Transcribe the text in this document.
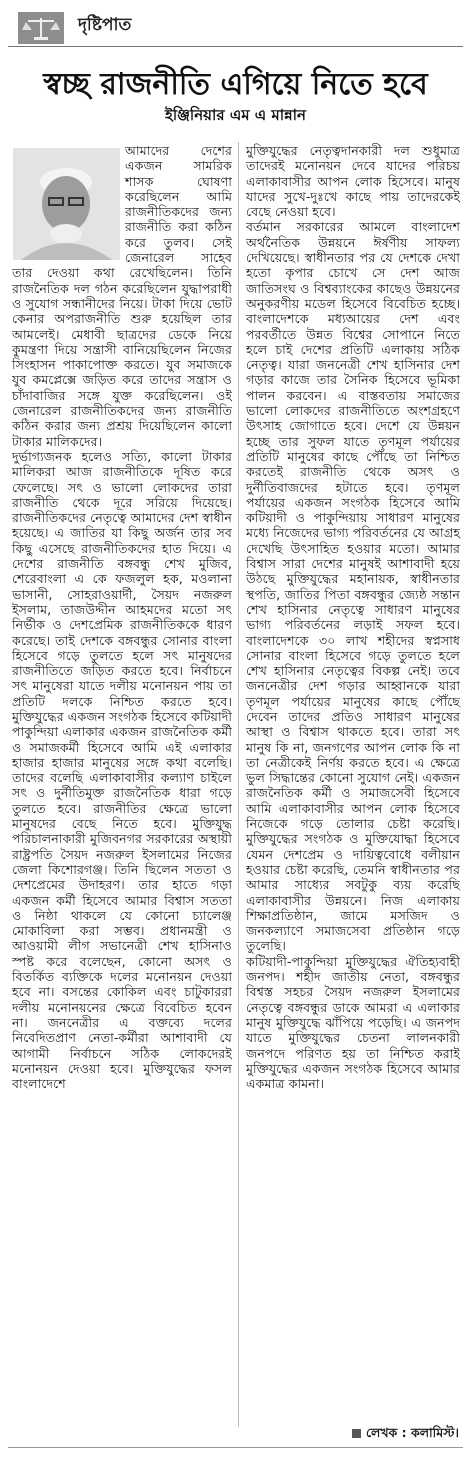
দৃষ্টিপাত
স্বচ্ছ রাজনীতি এগিয়ে নিতে হবে
ইঞ্জিনিয়ার এম এ মান্নান

আমাদের দেশের একজন সামরিক শাসক ঘোষণা করেছিলেন আমি রাজনীতিকদের জন্য রাজনীতি করা কঠিন করে তুলব। সেই জেনারেল সাহেব তার দেওয়া কথা রেখেছিলেন। তিনি রাজনৈতিক দল গঠন করেছিলেন যুদ্ধাপরাধী ও সুযোগ সন্ধানীদের নিয়ে। টাকা দিয়ে ভোট কেনার অপরাজনীতি শুরু হয়েছিল তার আমলেই। মেধাবী ছাত্রদের ডেকে নিয়ে কুমন্ত্রণা দিয়ে সন্ত্রাসী বানিয়েছিলেন নিজের সিংহাসন পাকাপোক্ত করতে। যুব সমাজকে যুব কমপ্লেক্সে জড়িত করে তাদের সন্ত্রাস ও চাঁদাবাজির সঙ্গে যুক্ত করেছিলেন। ওই জেনারেল রাজনীতিকদের জন্য রাজনীতি কঠিন করার জন্য প্রশ্রয় দিয়েছিলেন কালো টাকার মালিকদের।

দুর্ভাগ্যজনক হলেও সত্যি, কালো টাকার মালিকরা আজ রাজনীতিকে দূষিত করে ফেলেছে। সৎ ও ভালো লোকদের তারা রাজনীতি থেকে দূরে সরিয়ে দিয়েছে। রাজনীতিকদের নেতৃত্বে আমাদের দেশ স্বাধীন হয়েছে। এ জাতির যা কিছু অর্জন তার সব কিছু এসেছে রাজনীতিকদের হাত দিয়ে। এ দেশের রাজনীতি বঙ্গবন্ধু শেখ মুজিব, শেরেবাংলা এ কে ফজলুল হক, মওলানা ভাসানী, সোহরাওয়ার্দী, সৈয়দ নজরুল ইসলাম, তাজউদ্দীন আহমদের মতো সৎ নির্ভীক ও দেশপ্রেমিক রাজনীতিককে ধারণ করেছে। তাই দেশকে বঙ্গবন্ধুর সোনার বাংলা হিসেবে গড়ে তুলতে হলে সৎ মানুষদের রাজনীতিতে জড়িত করতে হবে। নির্বাচনে সৎ মানুষেরা যাতে দলীয় মনোনয়ন পায় তা প্রতিটি দলকে নিশ্চিত করতে হবে। মুক্তিযুদ্ধের একজন সংগঠক হিসেবে কটিয়াদী পাকুন্দিয়া এলাকার একজন রাজনৈতিক কর্মী ও সমাজকর্মী হিসেবে আমি এই এলাকার হাজার হাজার মানুষের সঙ্গে কথা বলেছি। তাদের বলেছি এলাকাবাসীর কল্যাণ চাইলে সৎ ও দুর্নীতিমুক্ত রাজনৈতিক ধারা গড়ে তুলতে হবে। রাজনীতির ক্ষেত্রে ভালো মানুষদের বেছে নিতে হবে। মুক্তিযুদ্ধ পরিচালনাকারী মুজিবনগর সরকারের অস্থায়ী রাষ্ট্রপতি সৈয়দ নজরুল ইসলামের নিজের জেলা কিশোরগঞ্জ। তিনি ছিলেন সততা ও দেশপ্রেমের উদাহরণ। তার হাতে গড়া একজন কর্মী হিসেবে আমার বিশ্বাস সততা ও নিষ্ঠা থাকলে যে কোনো চ্যালেঞ্জ মোকাবিলা করা সম্ভব। প্রধানমন্ত্রী ও আওয়ামী লীগ সভানেত্রী শেখ হাসিনাও স্পষ্ট করে বলেছেন, কোনো অসৎ ও বিতর্কিত ব্যক্তিকে দলের মনোনয়ন দেওয়া হবে না। বসন্তের কোকিল এবং চাটুকাররা দলীয় মনোনয়নের ক্ষেত্রে বিবেচিত হবেন না। জননেত্রীর এ বক্তব্যে দলের নিবেদিতপ্রাণ নেতা-কর্মীরা আশাবাদী যে আগামী নির্বাচনে সঠিক লোকদেরই মনোনয়ন দেওয়া হবে। মুক্তিযুদ্ধের ফসল বাংলাদেশে

মুক্তিযুদ্ধের নেতৃত্বদানকারী দল শুধুমাত্র তাদেরই মনোনয়ন দেবে যাদের পরিচয় এলাকাবাসীর আপন লোক হিসেবে। মানুষ যাদের সুখে-দুঃখে কাছে পায় তাদেরকেই বেছে নেওয়া হবে।

বর্তমান সরকারের আমলে বাংলাদেশ অর্থনৈতিক উন্নয়নে ঈর্ষণীয় সাফল্য দেখিয়েছে। স্বাধীনতার পর যে দেশকে দেখা হতো কৃপার চোখে সে দেশ আজ জাতিসংঘ ও বিশ্বব্যাংকের কাছেও উন্নয়নের অনুকরণীয় মডেল হিসেবে বিবেচিত হচ্ছে। বাংলাদেশকে মধ্যআয়ের দেশ এবং পরবর্তীতে উন্নত বিশ্বের সোপানে নিতে হলে চাই দেশের প্রতিটি এলাকায় সঠিক নেতৃত্ব। যারা জননেত্রী শেখ হাসিনার দেশ গড়ার কাজে তার সৈনিক হিসেবে ভূমিকা পালন করবেন। এ বাস্তবতায় সমাজের ভালো লোকদের রাজনীতিতে অংশগ্রহণে উৎসাহ জোগাতে হবে। দেশে যে উন্নয়ন হচ্ছে তার সুফল যাতে তৃণমূল পর্যায়ের প্রতিটি মানুষের কাছে পৌঁছে তা নিশ্চিত করতেই রাজনীতি থেকে অসৎ ও দুর্নীতিবাজদের হটাতে হবে। তৃণমূল পর্যায়ের একজন সংগঠক হিসেবে আমি কটিয়াদী ও পাকুন্দিয়ায় সাধারণ মানুষের মধ্যে নিজেদের ভাগ্য পরিবর্তনের যে আগ্রহ দেখেছি উৎসাহিত হওয়ার মতো। আমার বিশ্বাস সারা দেশের মানুষই আশাবাদী হয়ে উঠছে মুক্তিযুদ্ধের মহানায়ক, স্বাধীনতার স্থপতি, জাতির পিতা বঙ্গবন্ধুর জ্যেষ্ঠ সন্তান শেখ হাসিনার নেতৃত্বে সাধারণ মানুষের ভাগ্য পরিবর্তনের লড়াই সফল হবে। বাংলাদেশকে ৩০ লাখ শহীদের স্বপ্নসাধ সোনার বাংলা হিসেবে গড়ে তুলতে হলে শেখ হাসিনার নেতৃত্বের বিকল্প নেই। তবে জননেত্রীর দেশ গড়ার আহ্বানকে যারা তৃণমূল পর্যায়ের মানুষের কাছে পৌঁছে দেবেন তাদের প্রতিও সাধারণ মানুষের আস্থা ও বিশ্বাস থাকতে হবে। তারা সৎ মানুষ কি না, জনগণের আপন লোক কি না তা নেত্রীকেই নির্ণয় করতে হবে। এ ক্ষেত্রে ভুল সিদ্ধান্তের কোনো সুযোগ নেই। একজন রাজনৈতিক কর্মী ও সমাজসেবী হিসেবে আমি এলাকাবাসীর আপন লোক হিসেবে নিজেকে গড়ে তোলার চেষ্টা করেছি। মুক্তিযুদ্ধের সংগঠক ও মুক্তিযোদ্ধা হিসেবে যেমন দেশপ্রেম ও দায়িত্ববোধে বলীয়ান হওয়ার চেষ্টা করেছি, তেমনি স্বাধীনতার পর আমার সাধ্যের সবটুকু ব্যয় করেছি এলাকাবাসীর উন্নয়নে। নিজ এলাকায় শিক্ষাপ্রতিষ্ঠান, জামে মসজিদ ও জনকল্যাণে সমাজসেবা প্রতিষ্ঠান গড়ে তুলেছি।

কটিয়াদী-পাকুন্দিয়া মুক্তিযুদ্ধের ঐতিহ্যবাহী জনপদ। শহীদ জাতীয় নেতা, বঙ্গবন্ধুর বিশ্বস্ত সহচর সৈয়দ নজরুল ইসলামের নেতৃত্বে বঙ্গবন্ধুর ডাকে আমরা এ এলাকার মানুষ মুক্তিযুদ্ধে ঝাঁপিয়ে পড়েছি। এ জনপদ যাতে মুক্তিযুদ্ধের চেতনা লালনকারী জনপদে পরিণত হয় তা নিশ্চিত করাই মুক্তিযুদ্ধের একজন সংগঠক হিসেবে আমার একমাত্র কামনা।

লেখক : কলামিস্ট।
